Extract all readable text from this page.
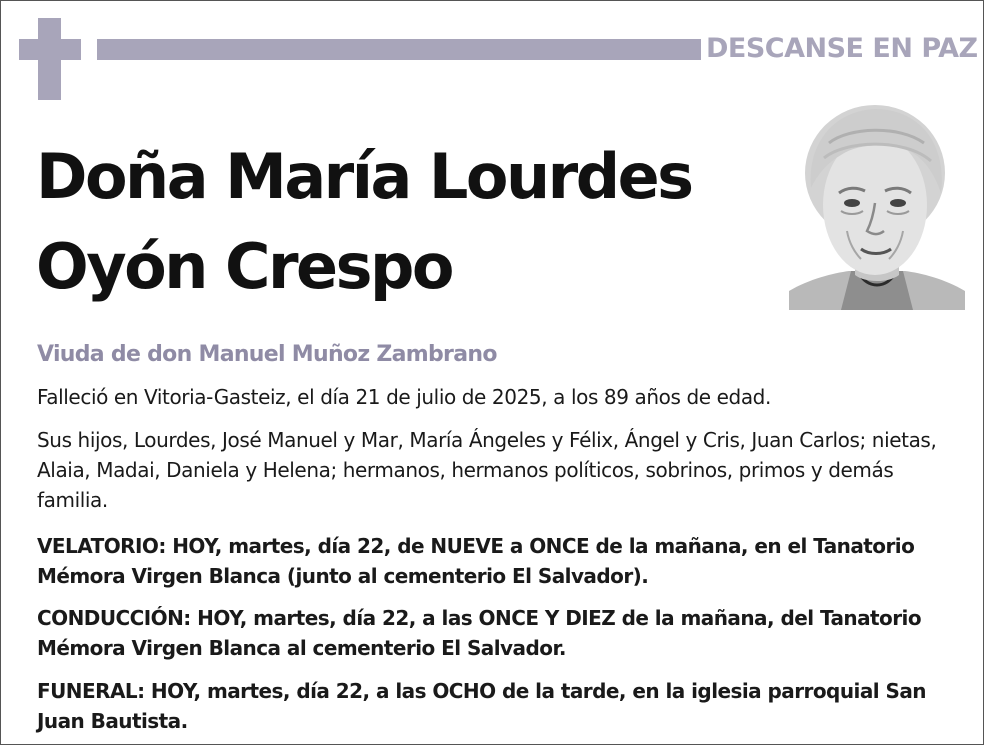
DESCANSE EN PAZ
Doña María Lourdes
Oyón Crespo
Viuda de don Manuel Muñoz Zambrano

Falleció en Vitoria-Gasteiz, el día 21 de julio de 2025, a los 89 años de edad.

Sus hijos, Lourdes, José Manuel y Mar, María Ángeles y Félix, Ángel y Cris, Juan Carlos; nietas, Alaia, Madai, Daniela y Helena; hermanos, hermanos políticos, sobrinos, primos y demás familia.

VELATORIO: HOY, martes, día 22, de NUEVE a ONCE de la mañana, en el Tanatorio Mémora Virgen Blanca (junto al cementerio El Salvador).

CONDUCCIÓN: HOY, martes, día 22, a las ONCE Y DIEZ de la mañana, del Tanatorio Mémora Virgen Blanca al cementerio El Salvador.

FUNERAL: HOY, martes, día 22, a las OCHO de la tarde, en la iglesia parroquial San Juan Bautista.
